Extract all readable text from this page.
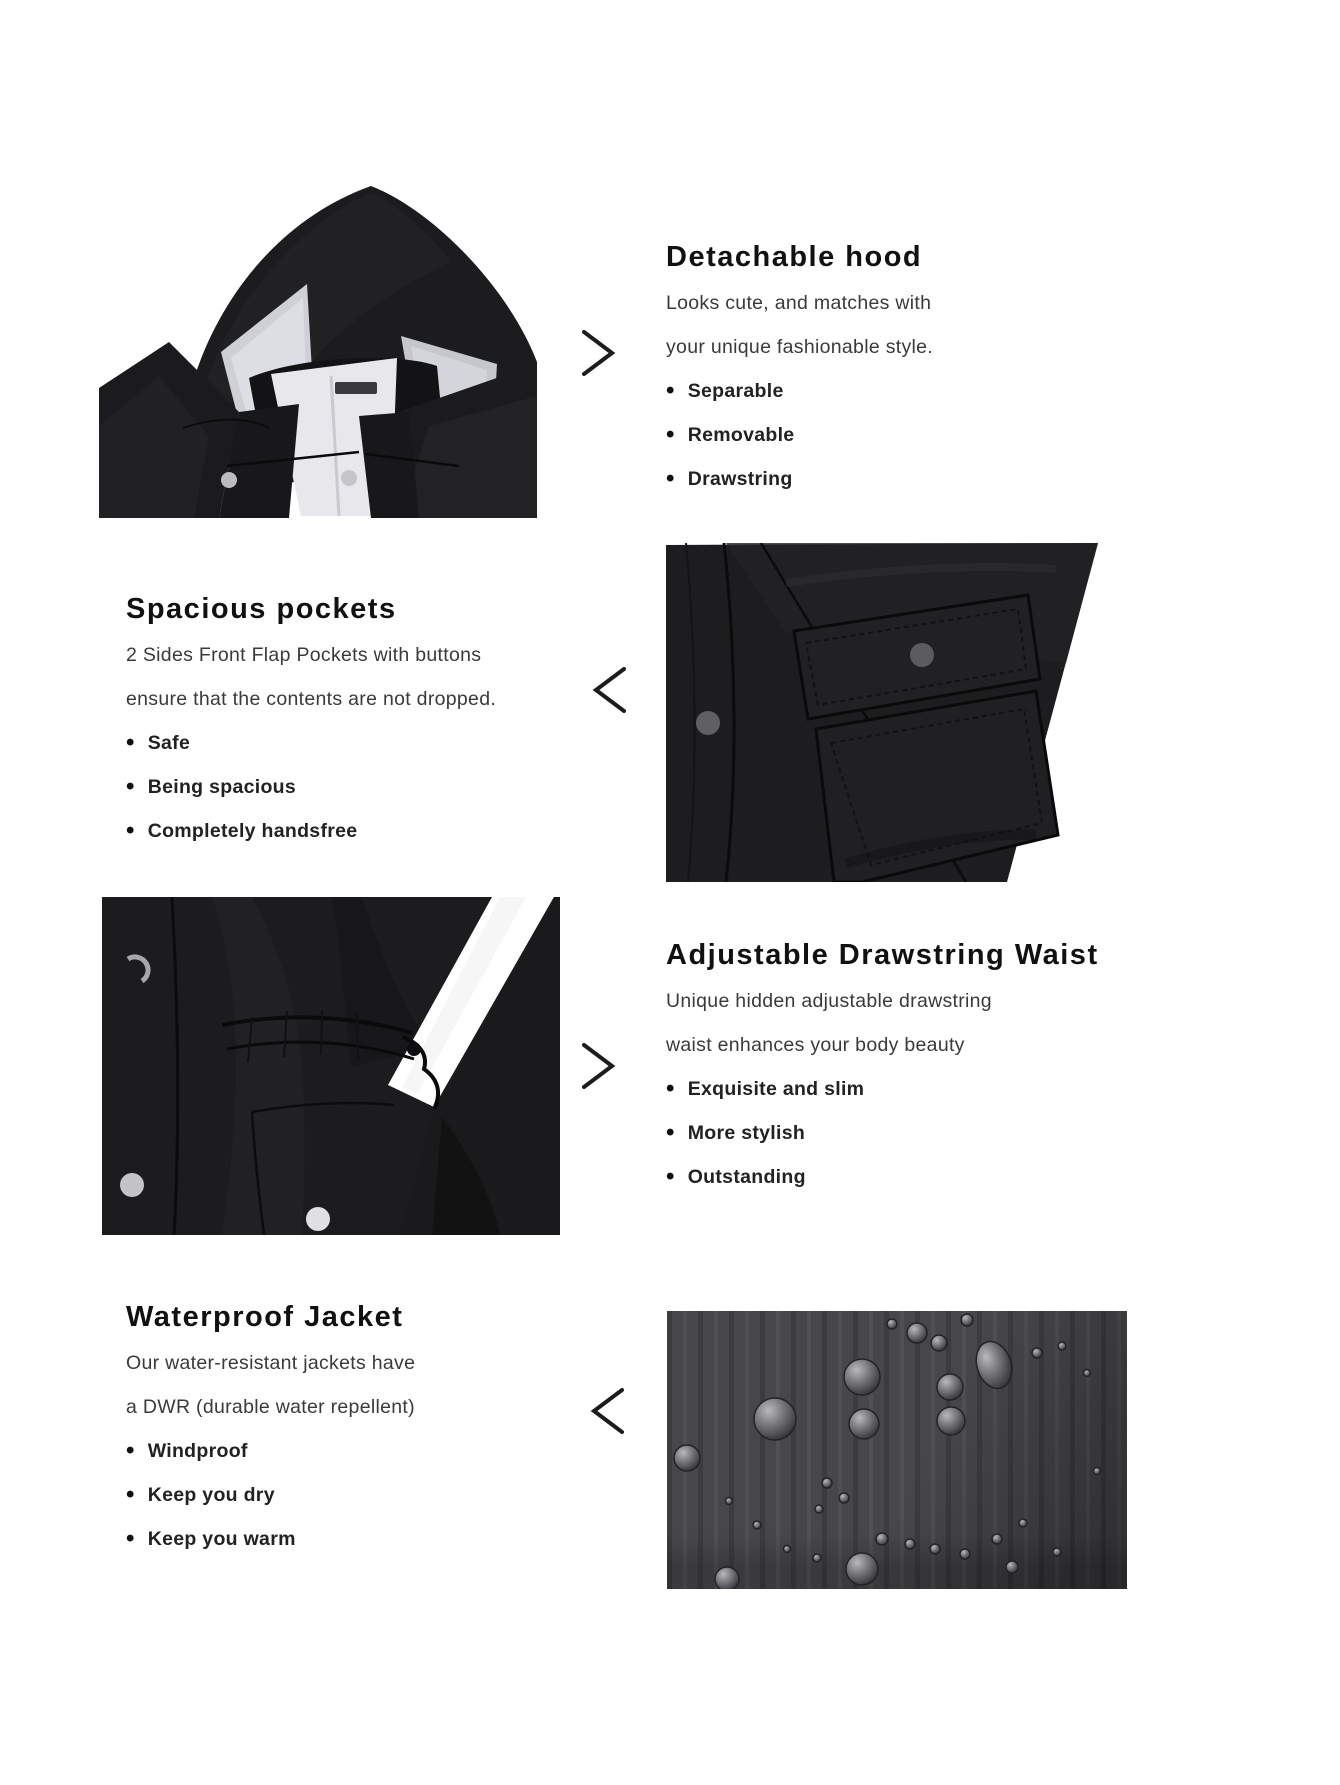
Detachable hood

Looks cute, and matches with

your unique fashionable style.

• Separable
• Removable
• Drawstring
Spacious pockets

2 Sides Front Flap Pockets with buttons

ensure that the contents are not dropped.

• Safe
• Being spacious
• Completely handsfree
Adjustable Drawstring Waist

Unique hidden adjustable drawstring

waist enhances your body beauty

• Exquisite and slim
• More stylish
• Outstanding
Waterproof Jacket

Our water-resistant jackets have

a DWR (durable water repellent)

• Windproof
• Keep you dry
• Keep you warm
